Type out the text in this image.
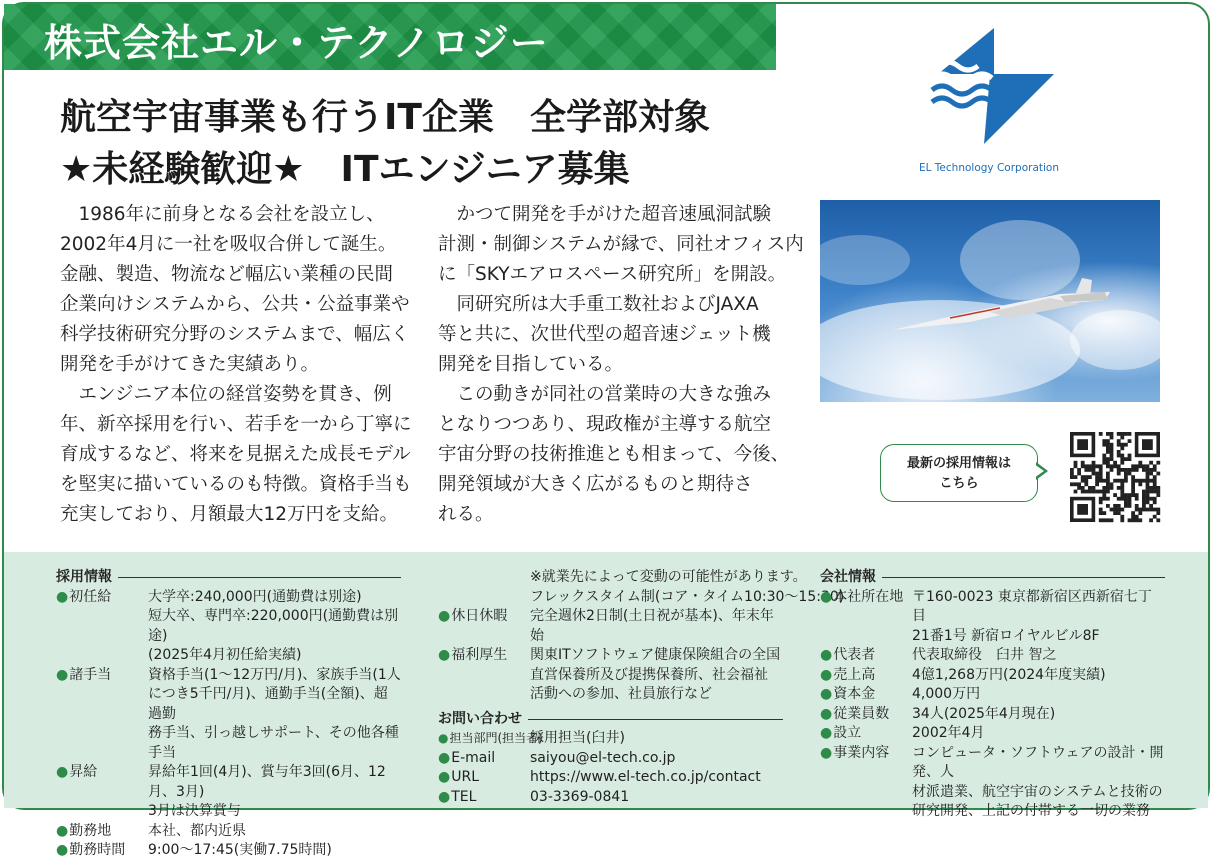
株式会社エル・テクノロジー
航空宇宙事業も行うIT企業　全学部対象
★未経験歓迎★　ITエンジニア募集

　1986年に前身となる会社を設立し、

2002年4月に一社を吸収合併して誕生。

金融、製造、物流など幅広い業種の民間

企業向けシステムから、公共・公益事業や

科学技術研究分野のシステムまで、幅広く

開発を手がけてきた実績あり。

　エンジニア本位の経営姿勢を貫き、例

年、新卒採用を行い、若手を一から丁寧に

育成するなど、将来を見据えた成長モデル

を堅実に描いているのも特徴。資格手当も

充実しており、月額最大12万円を支給。

　かつて開発を手がけた超音速風洞試験

計測・制御システムが縁で、同社オフィス内

に「SKYエアロスペース研究所」を開設。

　同研究所は大手重工数社およびJAXA

等と共に、次世代型の超音速ジェット機

開発を目指している。

　この動きが同社の営業時の大きな強み

となりつつあり、現政権が主導する航空

宇宙分野の技術推進とも相まって、今後、

開発領域が大きく広がるものと期待さ

れる。

EL Technology Corporation
最新の採用情報は
こちら
採用情報
● 初任給	大学卒:240,000円(通勤費は別途)
短大卒、専門卒:220,000円(通勤費は別途)
(2025年4月初任給実績)
● 諸手当	資格手当(1～12万円/月)、家族手当(1人
につき5千円/月)、通勤手当(全額)、超過勤
務手当、引っ越しサポート、その他各種手当
● 昇給	昇給年1回(4月)、賞与年3回(6月、12月、3月)
3月は決算賞与
● 勤務地	本社、都内近県
● 勤務時間	9:00～17:45(実働7.75時間)
※就業先によって変動の可能性があります。
フレックスタイム制(コア・タイム10:30～15:30)
● 休日休暇	完全週休2日制(土日祝が基本)、年末年始
● 福利厚生	関東ITソフトウェア健康保険組合の全国
直営保養所及び提携保養所、社会福祉
活動への参加、社員旅行など
お問い合わせ
● 担当部門(担当者)
採用担当(臼井)
● E-mail	saiyou@el-tech.co.jp
● URL	https://www.el-tech.co.jp/contact
● TEL	03-3369-0841
会社情報
● 本社所在地 〒160-0023 東京都新宿区西新宿七丁目
21番1号 新宿ロイヤルビル8F
● 代表者	代表取締役　臼井 智之
● 売上高	4億1,268万円(2024年度実績)
● 資本金	4,000万円
● 従業員数	34人(2025年4月現在)
● 設立	2002年4月
● 事業内容	コンピュータ・ソフトウェアの設計・開発、人
材派遣業、航空宇宙のシステムと技術の
研究開発、上記の付帯する一切の業務
